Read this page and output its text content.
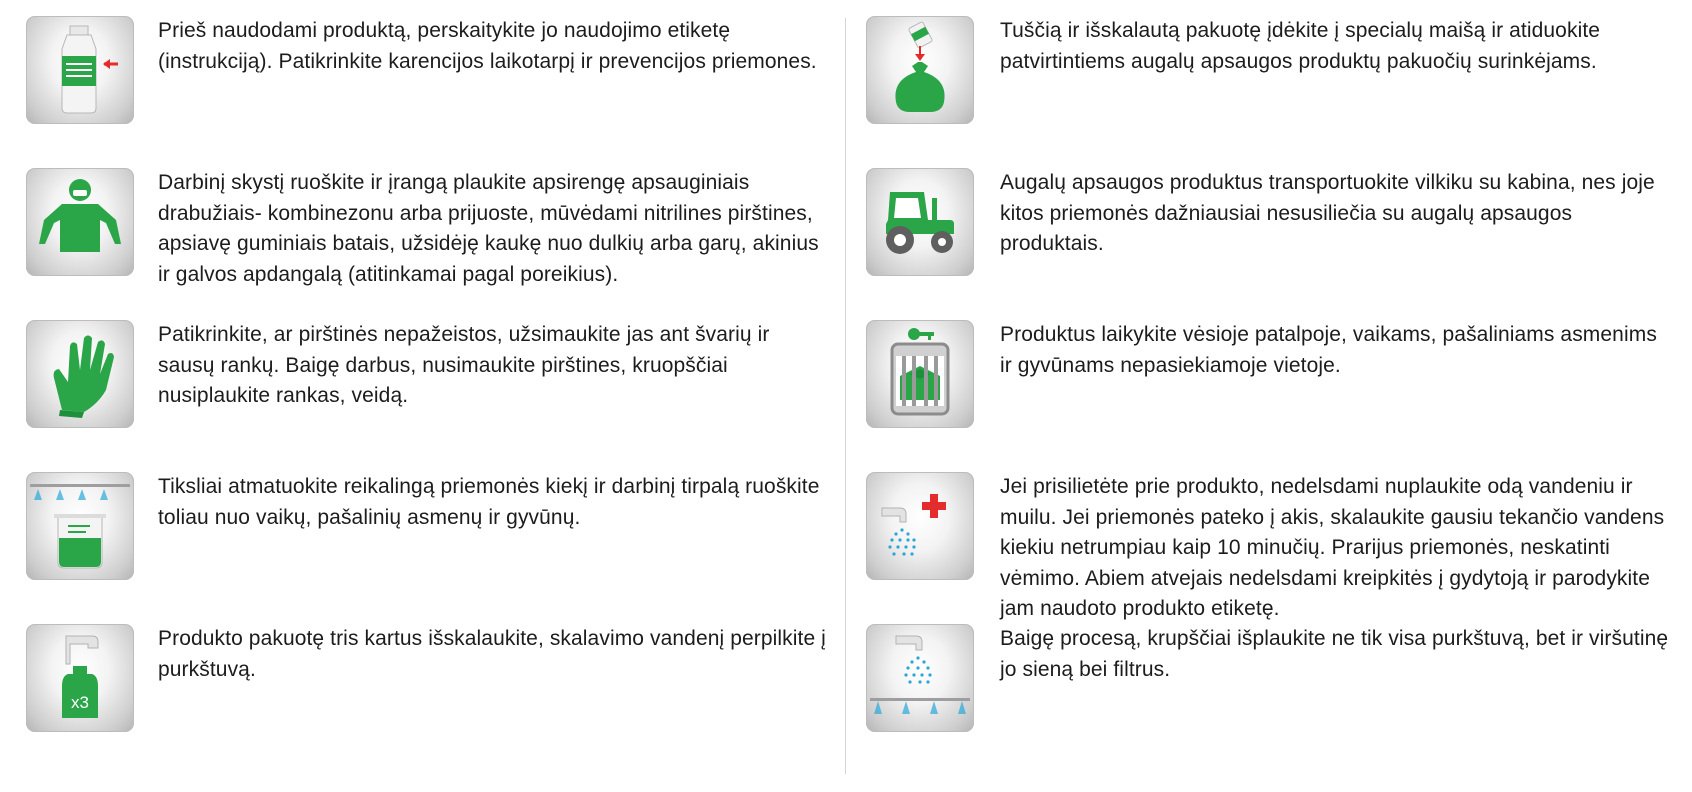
Prieš naudodami produktą, perskaitykite jo naudojimo etiketę (instrukciją). Patikrinkite karencijos laikotarpį ir prevencijos priemones.
Darbinį skystį ruoškite ir įrangą plaukite apsirengę apsauginiais drabužiais- kombinezonu arba prijuoste, mūvėdami nitrilines pirštines, apsiavę guminiais batais, užsidėję kaukę nuo dulkių arba garų, akinius ir galvos apdangalą (atitinkamai pagal poreikius).
Patikrinkite, ar pirštinės nepažeistos, užsimaukite jas ant švarių ir sausų rankų. Baigę darbus, nusimaukite pirštines, kruopščiai nusiplaukite rankas, veidą.
Tiksliai atmatuokite reikalingą priemonės kiekį ir darbinį tirpalą ruoškite toliau nuo vaikų, pašalinių asmenų ir gyvūnų.
x3
Produkto pakuotę tris kartus išskalaukite, skalavimo vandenį perpilkite į purkštuvą.
Tuščią ir išskalautą pakuotę įdėkite į specialų maišą ir atiduokite patvirtintiems augalų apsaugos produktų pakuočių surinkėjams.
Augalų apsaugos produktus transportuokite vilkiku su kabina, nes joje kitos priemonės dažniausiai nesusiliečia su augalų apsaugos produktais.
Produktus laikykite vėsioje patalpoje, vaikams, pašaliniams asmenims ir gyvūnams nepasiekiamoje vietoje.
Jei prisilietėte prie produkto, nedelsdami nuplaukite odą vandeniu ir muilu. Jei priemonės pateko į akis, skalaukite gausiu tekančio vandens kiekiu netrumpiau kaip 10 minučių. Prarijus priemonės, neskatinti vėmimo. Abiem atvejais nedelsdami kreipkitės į gydytoją ir parodykite jam naudoto produkto etiketę.
Baigę procesą, krupščiai išplaukite ne tik visa purkštuvą, bet ir viršutinę jo sieną bei filtrus.
